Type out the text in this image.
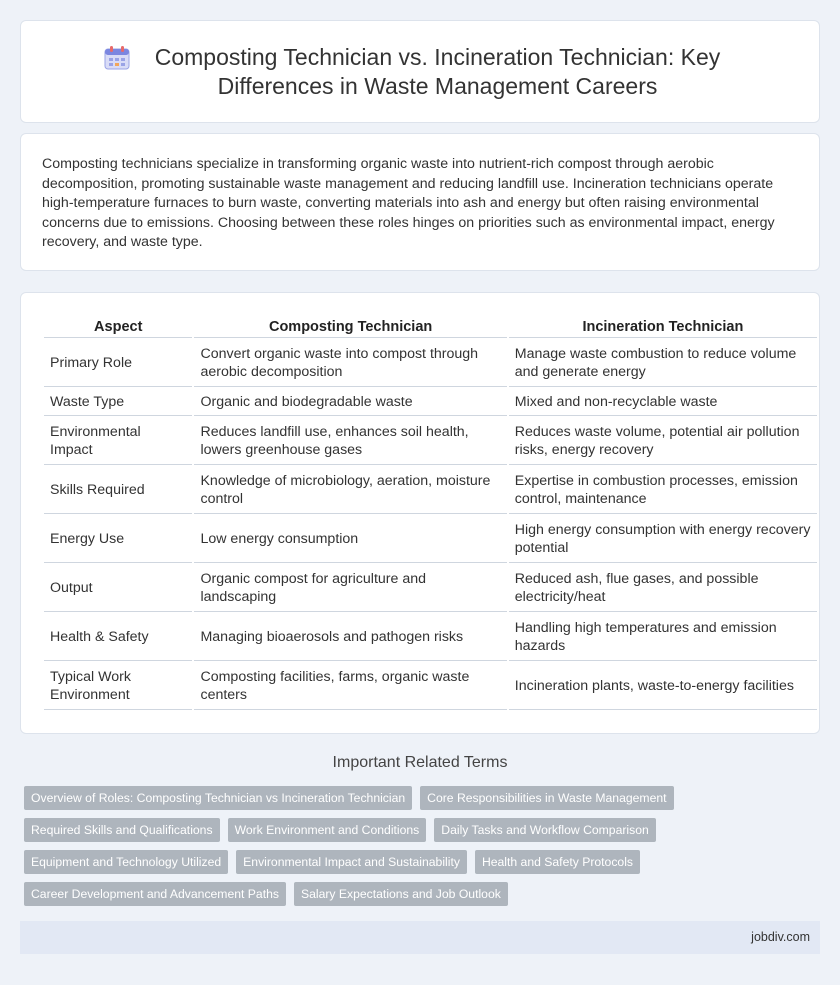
Composting Technician vs. Incineration Technician: Key Differences in Waste Management Careers

Composting technicians specialize in transforming organic waste into nutrient-rich compost through aerobic decomposition, promoting sustainable waste management and reducing landfill use. Incineration technicians operate high-temperature furnaces to burn waste, converting materials into ash and energy but often raising environmental concerns due to emissions. Choosing between these roles hinges on priorities such as environmental impact, energy recovery, and waste type.

Aspect	Composting Technician	Incineration Technician
Primary Role	Convert organic waste into compost through aerobic decomposition	Manage waste combustion to reduce volume and generate energy
Waste Type	Organic and biodegradable waste	Mixed and non-recyclable waste
Environmental Impact	Reduces landfill use, enhances soil health, lowers greenhouse gases	Reduces waste volume, potential air pollution risks, energy recovery
Skills Required	Knowledge of microbiology, aeration, moisture control	Expertise in combustion processes, emission control, maintenance
Energy Use	Low energy consumption	High energy consumption with energy recovery potential
Output	Organic compost for agriculture and landscaping	Reduced ash, flue gases, and possible electricity/heat
Health & Safety	Managing bioaerosols and pathogen risks	Handling high temperatures and emission hazards
Typical Work Environment	Composting facilities, farms, organic waste centers	Incineration plants, waste-to-energy facilities
Important Related Terms
Overview of Roles: Composting Technician vs Incineration Technician	Core Responsibilities in Waste Management
Required Skills and Qualifications	Work Environment and Conditions	Daily Tasks and Workflow Comparison
Equipment and Technology Utilized	Environmental Impact and Sustainability	Health and Safety Protocols
Career Development and Advancement Paths	Salary Expectations and Job Outlook
jobdiv.com
